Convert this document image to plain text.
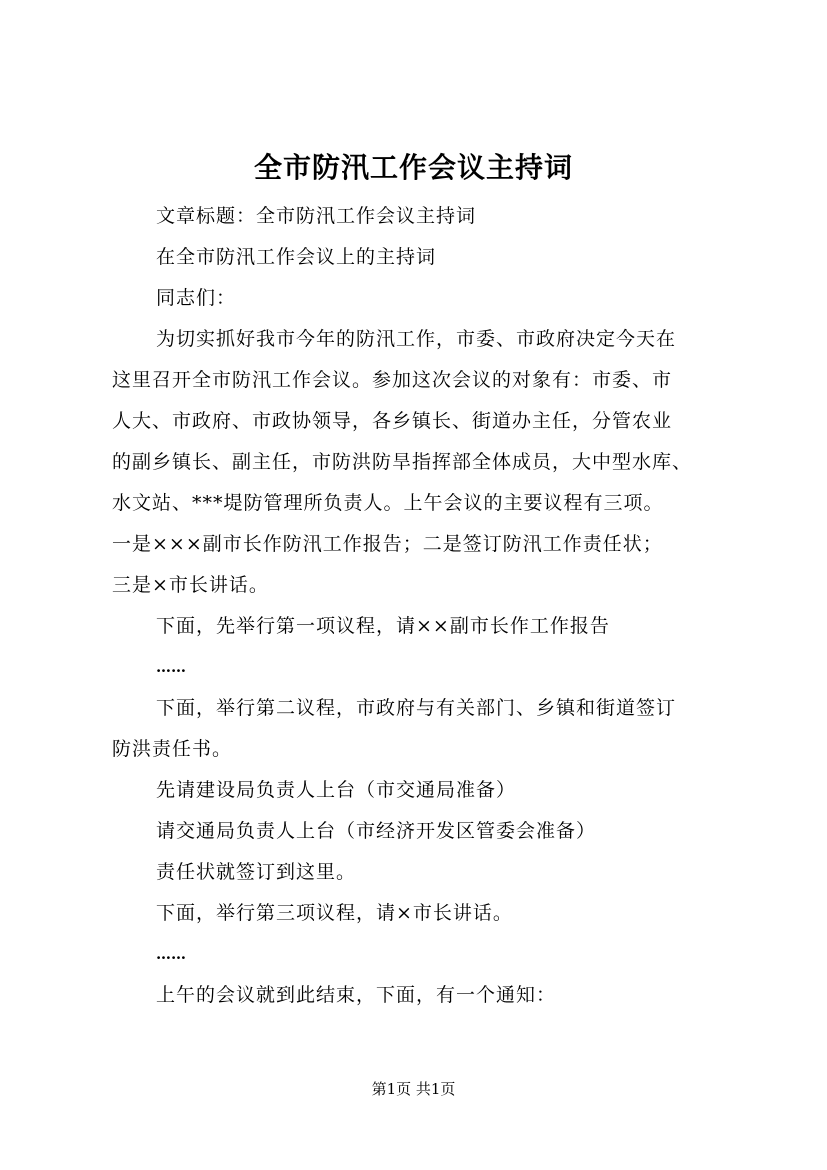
全市防汛工作会议主持词
文章标题：全市防汛工作会议主持词
在全市防汛工作会议上的主持词
同志们：
为切实抓好我市今年的防汛工作，市委、市政府决定今天在
这里召开全市防汛工作会议。参加这次会议的对象有：市委、市
人大、市政府、市政协领导，各乡镇长、街道办主任，分管农业
的副乡镇长、副主任，市防洪防旱指挥部全体成员，大中型水库、
水文站、***堤防管理所负责人。上午会议的主要议程有三项。
一是×××副市长作防汛工作报告；二是签订防汛工作责任状；
三是×市长讲话。
下面，先举行第一项议程，请××副市长作工作报告
……
下面，举行第二议程，市政府与有关部门、乡镇和街道签订
防洪责任书。
先请建设局负责人上台（市交通局准备）
请交通局负责人上台（市经济开发区管委会准备）
责任状就签订到这里。
下面，举行第三项议程，请×市长讲话。
……
上午的会议就到此结束，下面，有一个通知：
第1页 共1页
